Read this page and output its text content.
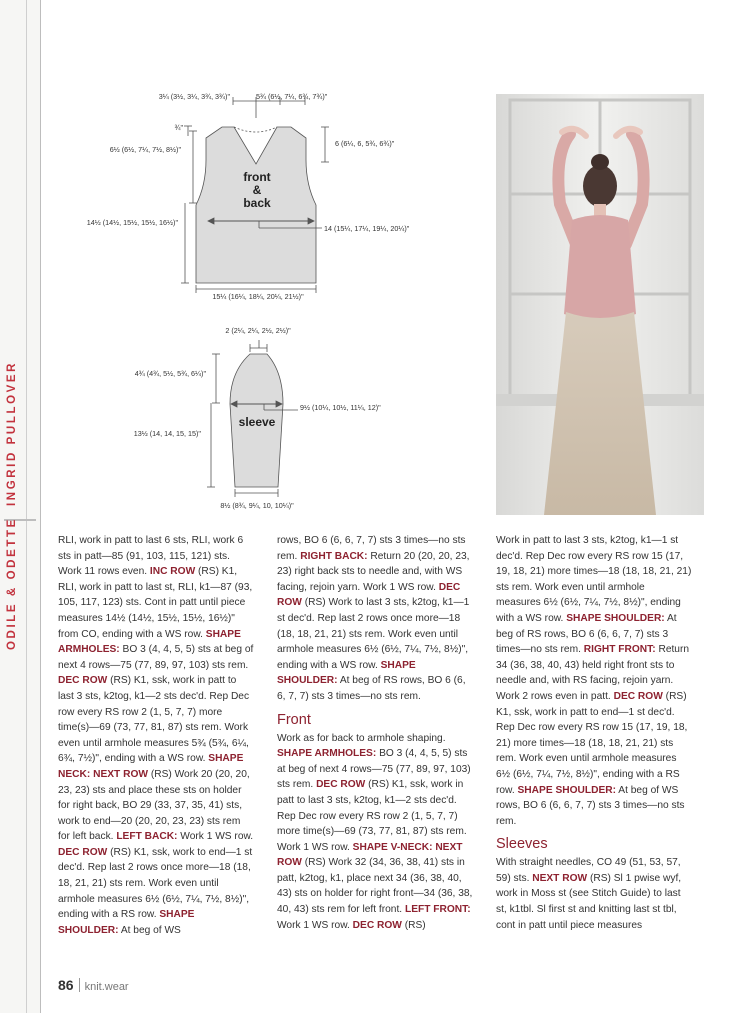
INGRID PULLOVER
ODILE & ODETTE
front
&
back
3¼ (3½, 3¼, 3¾, 3¾)"	5¾ (6½, 7¼, 6¾, 7¾)"
¾"
6½ (6½, 7¼, 7½, 8½)"
6 (6¼, 6, 5¾, 6¾)"
14½ (14½, 15½, 15½, 16½)"
14 (15¼, 17¼, 19¼, 20¼)"
15¼ (16¼, 18¼, 20¼, 21½)"
sleeve
2 (2¼, 2¼, 2½, 2½)"
4¾ (4¾, 5½, 5¾, 6¼)"
9½ (10¼, 10½, 11¼, 12)"
13½ (14, 14, 15, 15)"
8½ (8¾, 9¼, 10, 10¼)"

RLI, work in patt to last 6 sts, RLI, work 6 sts in patt—85 (91, 103, 115, 121) sts. Work 11 rows even. INC ROW (RS) K1, RLI, work in patt to last st, RLI, k1—87 (93, 105, 117, 123) sts. Cont in patt until piece measures 14½ (14½, 15½, 15½, 16½)" from CO, ending with a WS row. SHAPE ARMHOLES: BO 3 (4, 4, 5, 5) sts at beg of next 4 rows—75 (77, 89, 97, 103) sts rem. DEC ROW (RS) K1, ssk, work in patt to last 3 sts, k2tog, k1—2 sts dec'd. Rep Dec row every RS row 2 (1, 5, 7, 7) more time(s)—69 (73, 77, 81, 87) sts rem. Work even until armhole measures 5¾ (5¾, 6¼, 6¾, 7½)", ending with a WS row. SHAPE NECK: NEXT ROW (RS) Work 20 (20, 20, 23, 23) sts and place these sts on holder for right back, BO 29 (33, 37, 35, 41) sts, work to end—20 (20, 20, 23, 23) sts rem for left back. LEFT BACK: Work 1 WS row. DEC ROW (RS) K1, ssk, work to end—1 st dec'd. Rep last 2 rows once more—18 (18, 18, 21, 21) sts rem. Work even until armhole measures 6½ (6½, 7¼, 7½, 8½)", ending with a RS row. SHAPE SHOULDER: At beg of WS

rows, BO 6 (6, 6, 7, 7) sts 3 times—no sts rem. RIGHT BACK: Return 20 (20, 20, 23, 23) right back sts to needle and, with WS facing, rejoin yarn. Work 1 WS row. DEC ROW (RS) Work to last 3 sts, k2tog, k1—1 st dec'd. Rep last 2 rows once more—18 (18, 18, 21, 21) sts rem. Work even until armhole measures 6½ (6½, 7¼, 7½, 8½)", ending with a WS row. SHAPE SHOULDER: At beg of RS rows, BO 6 (6, 6, 7, 7) sts 3 times—no sts rem.
Front
Work as for back to armhole shaping. SHAPE ARMHOLES: BO 3 (4, 4, 5, 5) sts at beg of next 4 rows—75 (77, 89, 97, 103) sts rem. DEC ROW (RS) K1, ssk, work in patt to last 3 sts, k2tog, k1—2 sts dec'd. Rep Dec row every RS row 2 (1, 5, 7, 7) more time(s)—69 (73, 77, 81, 87) sts rem. Work 1 WS row. SHAPE V-NECK: NEXT ROW (RS) Work 32 (34, 36, 38, 41) sts in patt, k2tog, k1, place next 34 (36, 38, 40, 43) sts on holder for right front—34 (36, 38, 40, 43) sts rem for left front. LEFT FRONT: Work 1 WS row. DEC ROW (RS)

Work in patt to last 3 sts, k2tog, k1—1 st dec'd. Rep Dec row every RS row 15 (17, 19, 18, 21) more times—18 (18, 18, 21, 21) sts rem. Work even until armhole measures 6½ (6½, 7¼, 7½, 8½)", ending with a WS row. SHAPE SHOULDER: At beg of RS rows, BO 6 (6, 6, 7, 7) sts 3 times—no sts rem. RIGHT FRONT: Return 34 (36, 38, 40, 43) held right front sts to needle and, with RS facing, rejoin yarn. Work 2 rows even in patt. DEC ROW (RS) K1, ssk, work in patt to end—1 st dec'd. Rep Dec row every RS row 15 (17, 19, 18, 21) more times—18 (18, 18, 21, 21) sts rem. Work even until armhole measures 6½ (6½, 7¼, 7½, 8½)", ending with a RS row. SHAPE SHOULDER: At beg of WS rows, BO 6 (6, 6, 7, 7) sts 3 times—no sts rem.
Sleeves
With straight needles, CO 49 (51, 53, 57, 59) sts. NEXT ROW (RS) Sl 1 pwise wyf, work in Moss st (see Stitch Guide) to last st, k1tbl. Sl first st and knitting last st tbl, cont in patt until piece measures

86 knit.wear
